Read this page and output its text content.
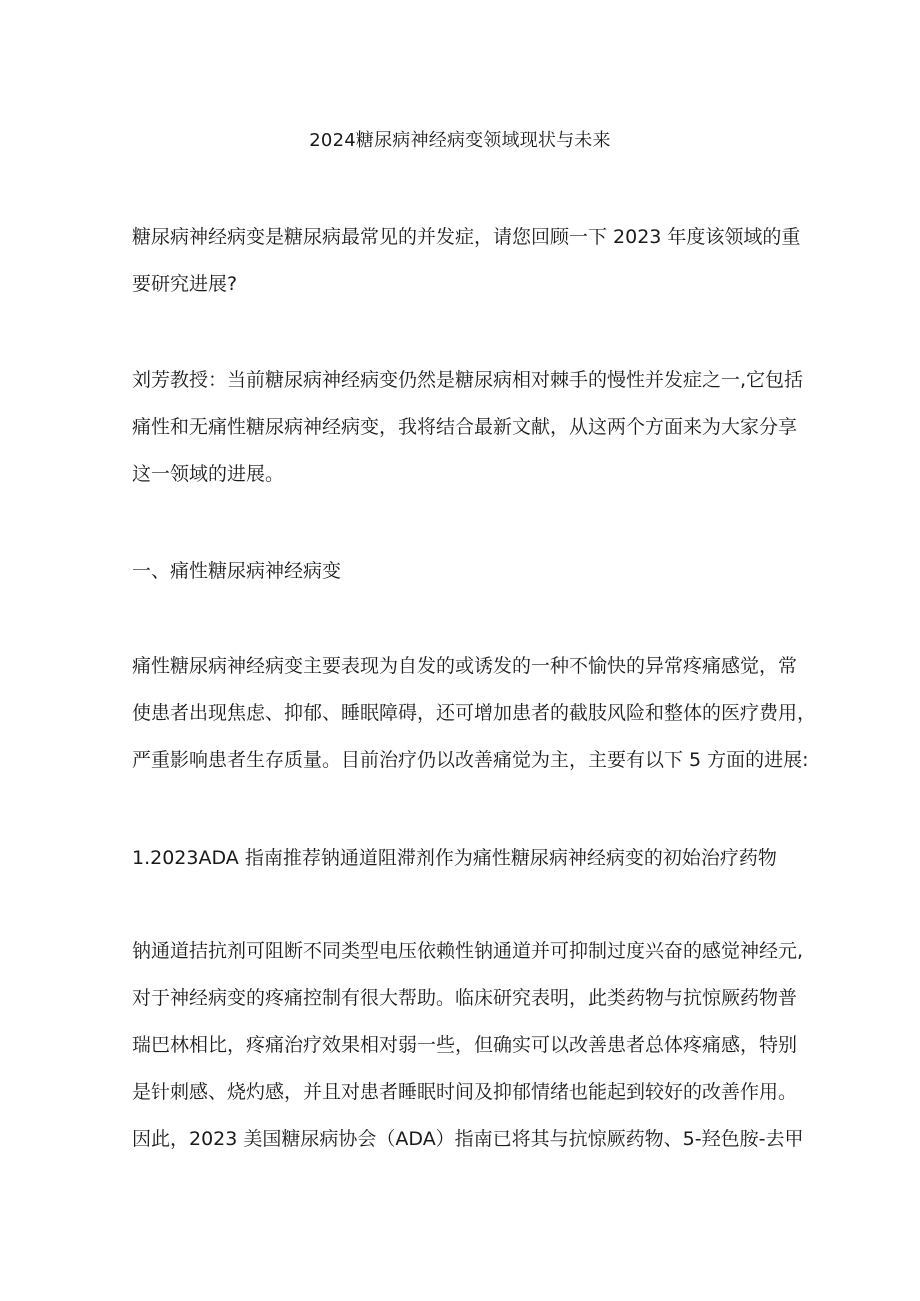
2024糖尿病神经病变领域现状与未来

糖尿病神经病变是糖尿病最常见的并发症，请您回顾一下 2023 年度该领域的重
要研究进展?

刘芳教授：当前糖尿病神经病变仍然是糖尿病相对棘手的慢性并发症之一,它包括
痛性和无痛性糖尿病神经病变，我将结合最新文献，从这两个方面来为大家分享
这一领域的进展。

一、痛性糖尿病神经病变

痛性糖尿病神经病变主要表现为自发的或诱发的一种不愉快的异常疼痛感觉，常
使患者出现焦虑、抑郁、睡眠障碍，还可增加患者的截肢风险和整体的医疗费用，
严重影响患者生存质量。目前治疗仍以改善痛觉为主，主要有以下 5 方面的进展:

1.2023ADA 指南推荐钠通道阻滞剂作为痛性糖尿病神经病变的初始治疗药物

钠通道拮抗剂可阻断不同类型电压依赖性钠通道并可抑制过度兴奋的感觉神经元,
对于神经病变的疼痛控制有很大帮助。临床研究表明，此类药物与抗惊厥药物普
瑞巴林相比，疼痛治疗效果相对弱一些，但确实可以改善患者总体疼痛感，特别
是针刺感、烧灼感，并且对患者睡眠时间及抑郁情绪也能起到较好的改善作用。
因此，2023 美国糖尿病协会（ADA）指南已将其与抗惊厥药物、5-羟色胺-去甲
